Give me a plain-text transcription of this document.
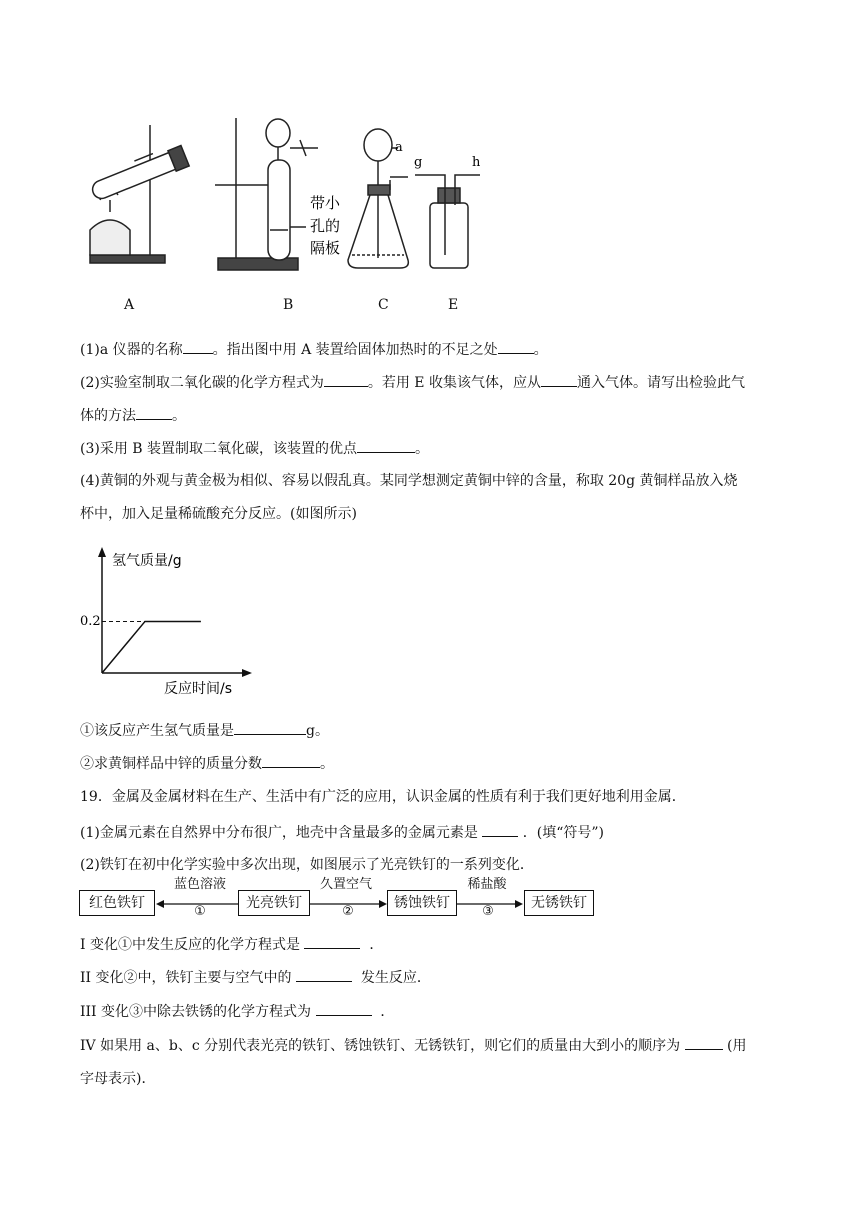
带小
孔的
隔板
a
g	h
A	B	C	E
(1)a 仪器的名称 。指出图中用 A 装置给固体加热时的不足之处	。
(2)实验室制取二氧化碳的化学方程式为	。若用 E 收集该气体，应从	通入气体。请写出检验此气
体的方法	。
(3)采用 B 装置制取二氧化碳，该装置的优点	。
(4)黄铜的外观与黄金极为相似、容易以假乱真。某同学想测定黄铜中锌的含量，称取 20g 黄铜样品放入烧
杯中，加入足量稀硫酸充分反应。(如图所示)
氢气质量/g
反应时间/s
0.2
①该反应产生氢气质量是	g。
②求黄铜样品中锌的质量分数	。
19．金属及金属材料在生产、生活中有广泛的应用，认识金属的性质有利于我们更好地利用金属．
(1)金属元素在自然界中分布很广，地壳中含量最多的金属元素是	．(填“符号”)
(2)铁钉在初中化学实验中多次出现，如图展示了光亮铁钉的一系列变化．
红色铁钉	光亮铁钉	锈蚀铁钉	无锈铁钉
蓝色溶液
①
久置空气
②
稀盐酸
③
I 变化①中发生反应的化学方程式是	．
II 变化②中，铁钉主要与空气中的	发生反应．
III 变化③中除去铁锈的化学方程式为	．
IV 如果用 a、b、c 分别代表光亮的铁钉、锈蚀铁钉、无锈铁钉，则它们的质量由大到小的顺序为	(用
字母表示)．
